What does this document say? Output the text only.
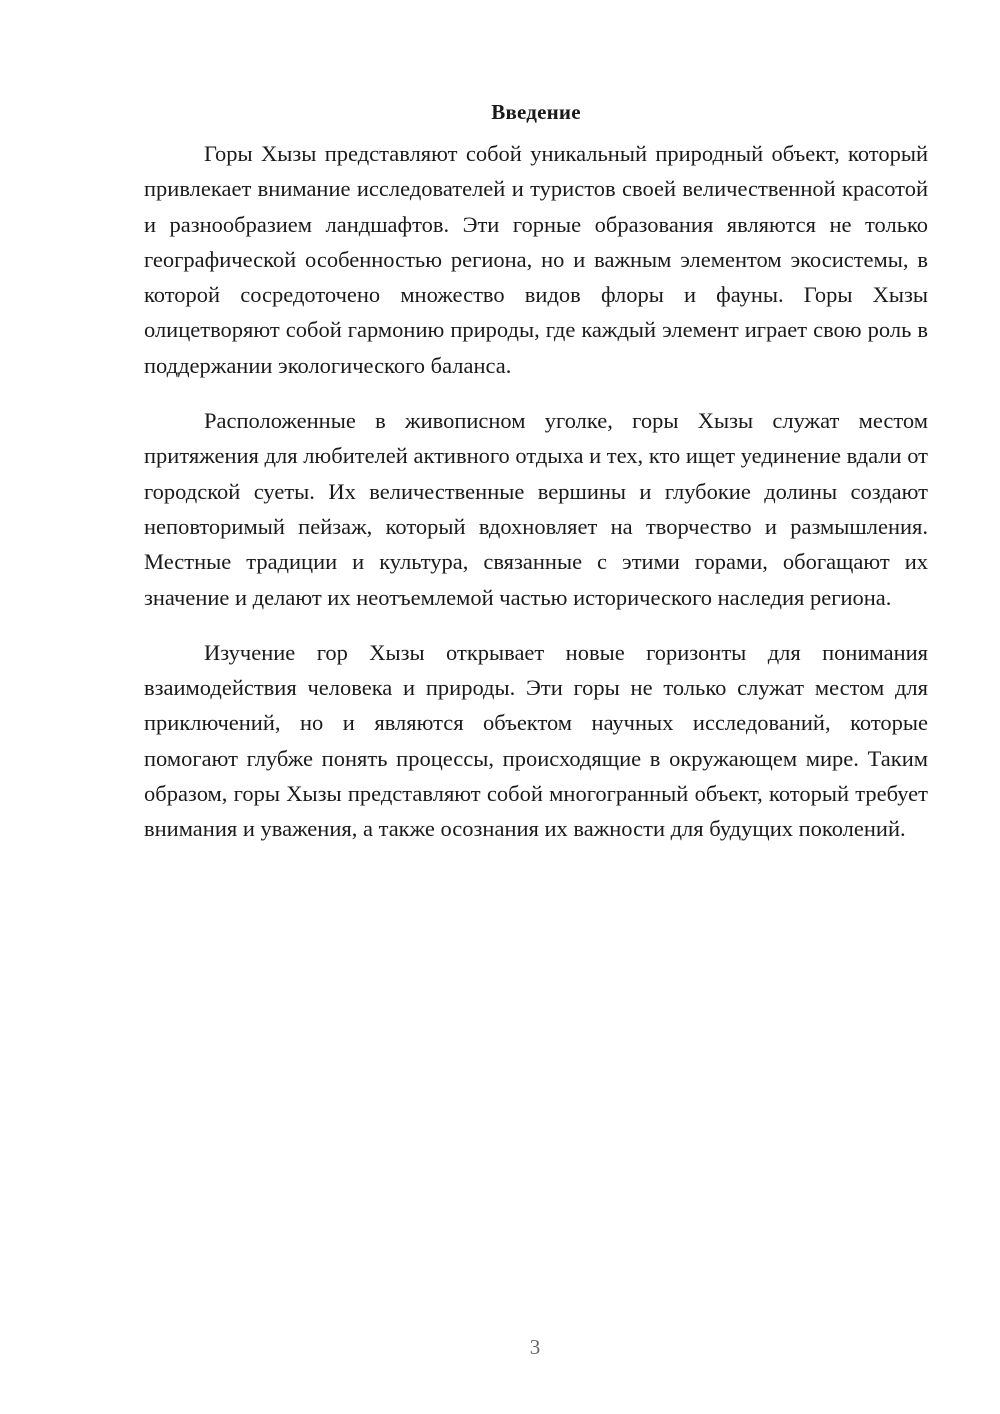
Введение

Горы Хызы представляют собой уникальный природный объект, который привлекает внимание исследователей и туристов своей величественной красотой и разнообразием ландшафтов. Эти горные образования являются не только географической особенностью региона, но и важным элементом экосистемы, в которой сосредоточено множество видов флоры и фауны. Горы Хызы олицетворяют собой гармонию природы, где каждый элемент играет свою роль в поддержании экологического баланса.

Расположенные в живописном уголке, горы Хызы служат местом притяжения для любителей активного отдыха и тех, кто ищет уединение вдали от городской суеты. Их величественные вершины и глубокие долины создают неповторимый пейзаж, который вдохновляет на творчество и размышления. Местные традиции и культура, связанные с этими горами, обогащают их значение и делают их неотъемлемой частью исторического наследия региона.

Изучение гор Хызы открывает новые горизонты для понимания взаимодействия человека и природы. Эти горы не только служат местом для приключений, но и являются объектом научных исследований, которые помогают глубже понять процессы, происходящие в окружающем мире. Таким образом, горы Хызы представляют собой многогранный объект, который требует внимания и уважения, а также осознания их важности для будущих поколений.

3
